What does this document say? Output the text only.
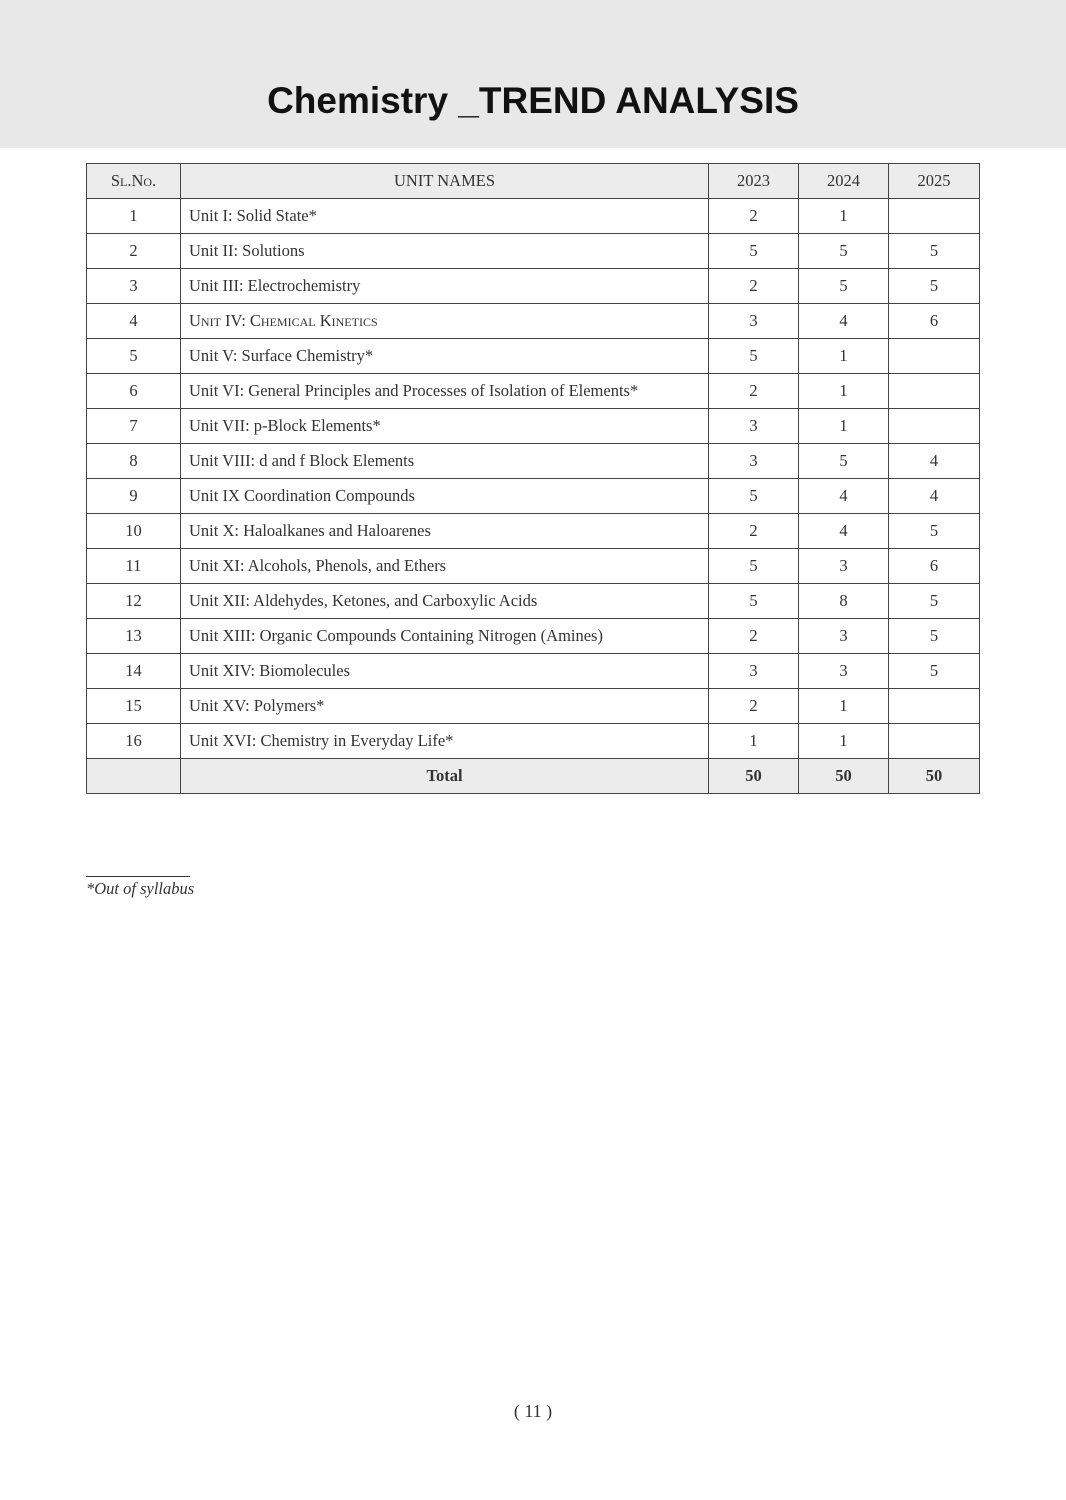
Chemistry _TREND ANALYSIS
Sl.No.	UNIT NAMES	2023	2024	2025
1	Unit I: Solid State*	2	1	
2	Unit II: Solutions	5	5	5
3	Unit III: Electrochemistry	2	5	5
4	Unit IV: Chemical Kinetics	3	4	6
5	Unit V: Surface Chemistry*	5	1	
6	Unit VI: General Principles and Processes of Isolation of Elements*	2	1	
7	Unit VII: p-Block Elements*	3	1	
8	Unit VIII: d and f Block Elements	3	5	4
9	Unit IX Coordination Compounds	5	4	4
10	Unit X: Haloalkanes and Haloarenes	2	4	5
11	Unit XI: Alcohols, Phenols, and Ethers	5	3	6
12	Unit XII: Aldehydes, Ketones, and Carboxylic Acids	5	8	5
13	Unit XIII: Organic Compounds Containing Nitrogen (Amines)	2	3	5
14	Unit XIV: Biomolecules	3	3	5
15	Unit XV: Polymers*	2	1	
16	Unit XVI: Chemistry in Everyday Life*	1	1	
	Total	50	50	50
*Out of syllabus
( 11 )
